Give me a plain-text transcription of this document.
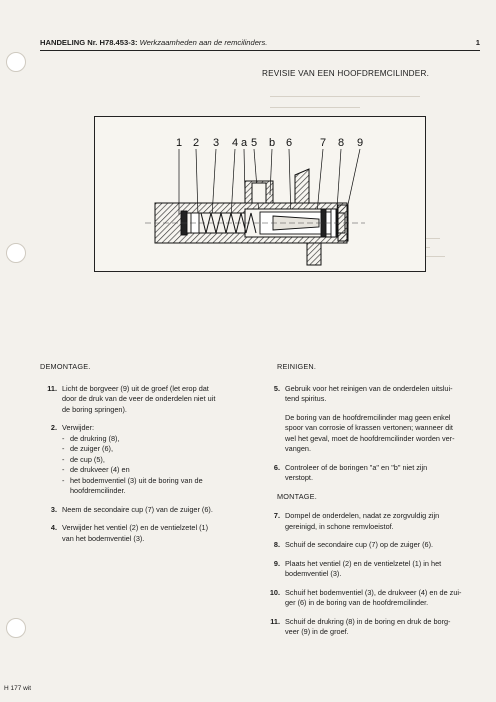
HANDELING Nr. H78.453-3: Werkzaamheden aan de remcilinders.	1
REVISIE VAN EEN HOOFDREMCILINDER.
1 2 3 4 a 5 b 6	7 8 9
DEMONTAGE.
11. Licht de borgveer (9) uit de groef (let erop dat
door de druk van de veer de onderdelen niet uit
de boring springen).
2. Verwijder:
- de drukring (8),
- de zuiger (6),
- de cup (5),
- de drukveer (4) en
- het bodemventiel (3) uit de boring van de
hoofdremcilinder.
3. Neem de secondaire cup (7) van de zuiger (6).
4. Verwijder het ventiel (2) en de ventielzetel (1)
van het bodemventiel (3).
REINIGEN.
5. Gebruik voor het reinigen van de onderdelen uitslui-
tend spiritus.
De boring van de hoofdremcilinder mag geen enkel
spoor van corrosie of krassen vertonen; wanneer dit
wel het geval, moet de hoofdremcilinder worden ver-
vangen.
6. Controleer of de boringen "a" en "b" niet zijn
verstopt.
MONTAGE.
7. Dompel de onderdelen, nadat ze zorgvuldig zijn
gereinigd, in schone remvloeistof.
8. Schuif de secondaire cup (7) op de zuiger (6).
9. Plaats het ventiel (2) en de ventielzetel (1) in het
bodemventiel (3).
10. Schuif het bodemventiel (3), de drukveer (4) en de zui-
ger (6) in de boring van de hoofdremcilinder.
11. Schuif de drukring (8) in de boring en druk de borg-
veer (9) in de groef.
H 177 wit
